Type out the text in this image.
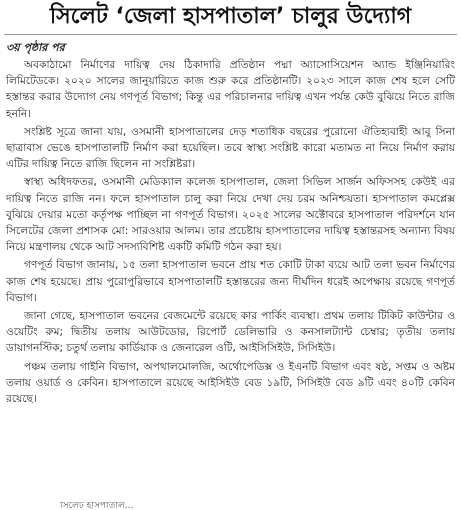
সিলেট ‘জেলা হাসপাতাল’ চালুর উদ্যোগ
৩য় পৃষ্ঠার পর

অবকাঠামো নির্মাণের দায়িত্ব দেয় ঠিকাদারি প্রতিষ্ঠান পদ্মা অ্যাসোসিয়েশন অ্যান্ড ইঞ্জিনিয়ারিং লিমিটেডকে। ২০২০ সালের জানুয়ারিতে কাজ শুরু করে প্রতিষ্ঠানটি। ২০২৩ সালে কাজ শেষ হলে সেটি হস্তান্তর করার উদ্যোগ নেয় গণপূর্ত বিভাগ; কিন্তু এর পরিচালনার দায়িত্ব এখন পর্যন্ত কেউ বুঝিয়ে নিতে রাজি হননি।

সংশ্লিষ্ট সূত্রে জানা যায়, ওসমানী হাসপাতালের দেড় শতাধিক বছরের পুরোনো ঐতিহ্যবাহী আবু সিনা ছাত্রাবাস ভেঙে হাসপাতালটি নির্মাণ করা হয়েছিল। তবে স্বাস্থ্য সংশ্লিষ্ট কারো মতামত না নিয়ে নির্মাণ করায় এটির দায়িত্ব নিতে রাজি ছিলেন না সংশ্লিষ্টরা।

স্বাস্থ্য অধিদফতর, ওসমানী মেডিক্যাল কলেজ হাসপাতাল, জেলা সিভিল সার্জন অফিসসহ কেউই এর দায়িত্ব নিতে রাজি নন। ফলে হাসপাতাল চালু করা নিয়ে দেখা দেয় চরম অনিশ্চয়তা। হাসপাতাল কমপ্লেক্স বুঝিয়ে দেয়ার মতো কর্তৃপক্ষ পাচ্ছিল না গণপূর্ত বিভাগ। ২০২৫ সালের অক্টোবরে হাসপাতাল পরিদর্শনে যান সিলেটের জেলা প্রশাসক মো: সারওয়ার আলম। তার প্রচেষ্টায় হাসপাতালের দায়িত্ব হস্তান্তরসহ অন্যান্য বিষয় নিয়ে মন্ত্রণালয় থেকে আট সদস্যবিশিষ্ট একটি কমিটি গঠন করা হয়।

গণপূর্ত বিভাগ জানায়, ১৫ তলা হাসপাতাল ভবনে প্রায় শত কোটি টাকা ব্যয়ে আট তলা ভবন নির্মাণের কাজ শেষ হয়েছে। প্রায় পুরোপুরিভাবে হাসপাতালটি হস্তান্তরের জন্য দীর্ঘদিন ধরেই অপেক্ষায় রয়েছে গণপূর্ত বিভাগ।

জানা গেছে, হাসপাতাল ভবনের বেজমেন্টে রয়েছে কার পার্কিং ব্যবস্থা। প্রথম তলায় টিকিট কাউন্টার ও ওয়েটিং রুম; দ্বিতীয় তলায় আউটডোর, রিপোর্ট ডেলিভারি ও কনসালট্যান্ট চেম্বার; তৃতীয় তলায় ডায়াগনস্টিক; চতুর্থ তলায় কার্ডিয়াক ও জেনারেল ওটি, আইসিসিইউ, সিসিইউ।

পঞ্চম তলায় গাইনি বিভাগ, অপথালমোলজি, অর্থোপেডিক্স ও ইএনটি বিভাগ এবং ষষ্ঠ, সপ্তম ও অষ্টম তলায় ওয়ার্ড ও কেবিন। হাসপাতালে রয়েছে আইসিইউ বেড ১৯টি, সিসিইউ বেড ৯টি এবং ৪০টি কেবিন রয়েছে।

সিলেট হাসপাতাল…
